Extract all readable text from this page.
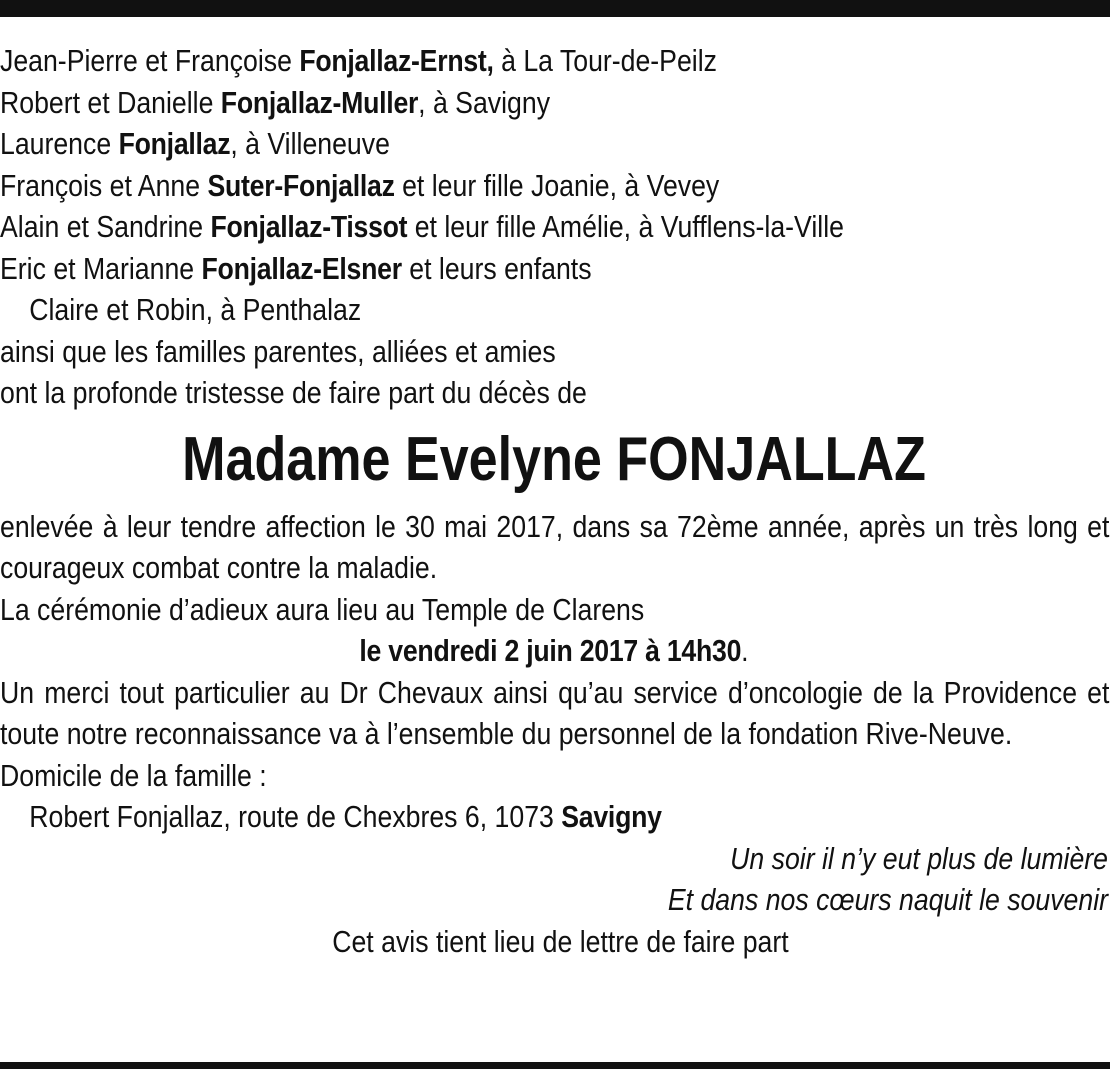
Jean-Pierre et Françoise Fonjallaz-Ernst, à La Tour-de-Peilz
Robert et Danielle Fonjallaz-Muller, à Savigny
Laurence Fonjallaz, à Villeneuve
François et Anne Suter-Fonjallaz et leur fille Joanie, à Vevey
Alain et Sandrine Fonjallaz-Tissot et leur fille Amélie, à Vufflens-la-Ville
Eric et Marianne Fonjallaz-Elsner et leurs enfants
Claire et Robin, à Penthalaz
ainsi que les familles parentes, alliées et amies
ont la profonde tristesse de faire part du décès de
Madame Evelyne FONJALLAZ
enlevée à leur tendre affection le 30 mai 2017, dans sa 72ème année, après un très long et courageux combat contre la maladie.
La cérémonie d’adieux aura lieu au Temple de Clarens
le vendredi 2 juin 2017 à 14h30.
Un merci tout particulier au Dr Chevaux ainsi qu’au service d’oncologie de la Providence et toute notre reconnaissance va à l’ensemble du personnel de la fondation Rive-Neuve.
Domicile de la famille :
Robert Fonjallaz, route de Chexbres 6, 1073 Savigny
Un soir il n’y eut plus de lumière
Et dans nos cœurs naquit le souvenir
Cet avis tient lieu de lettre de faire part
